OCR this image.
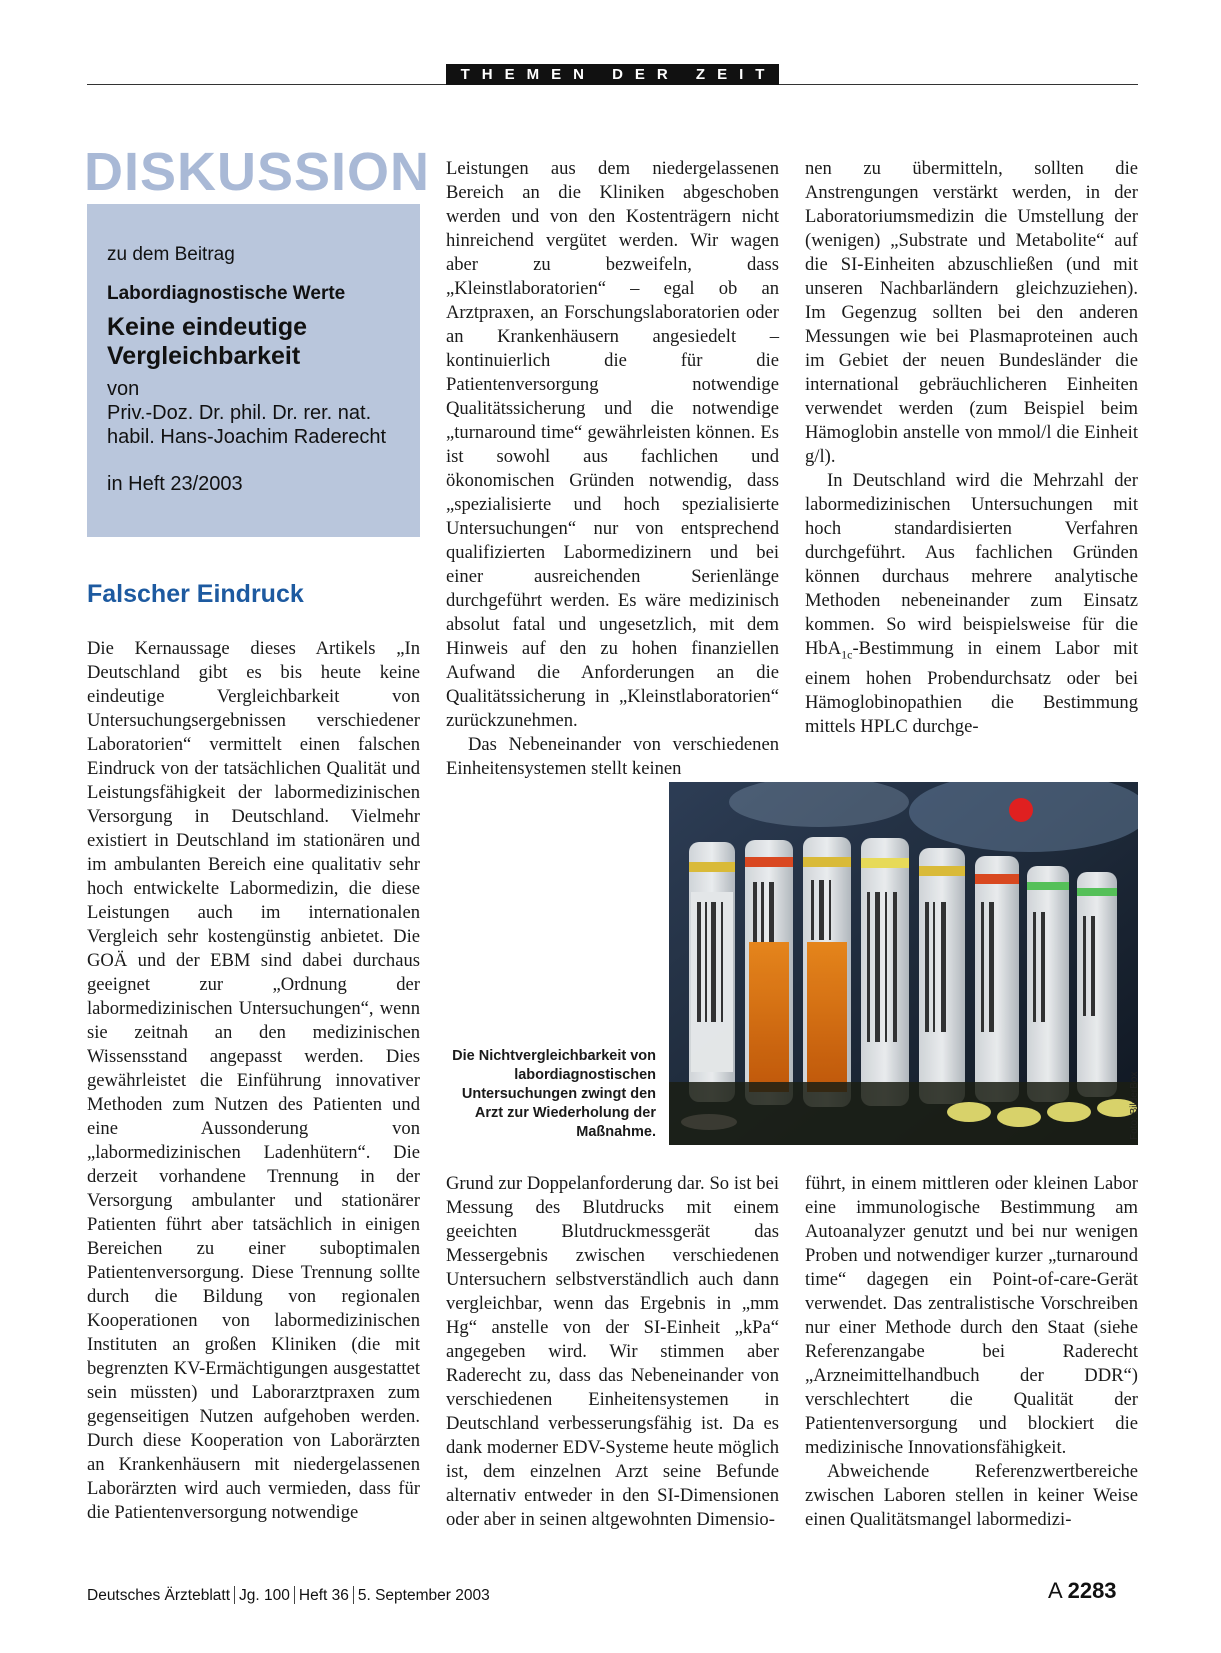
THEMEN DER ZEIT
DISKUSSION
zu dem Beitrag
Labordiagnostische Werte
Keine eindeutige Vergleichbarkeit
von
Priv.-Doz. Dr. phil. Dr. rer. nat. habil. Hans-Joachim Raderecht
in Heft 23/2003
Falscher Eindruck

Die Kernaussage dieses Artikels „In Deutschland gibt es bis heute keine eindeutige Vergleichbarkeit von Untersuchungsergebnissen verschiedener Laboratorien“ vermittelt einen falschen Eindruck von der tatsächlichen Qualität und Leistungsfähigkeit der labormedizinischen Versorgung in Deutschland. Vielmehr existiert in Deutschland im stationären und im ambulanten Bereich eine qualitativ sehr hoch entwickelte Labormedizin, die diese Leistungen auch im internationalen Vergleich sehr kostengünstig anbietet. Die GOÄ und der EBM sind dabei durchaus geeignet zur „Ordnung der labormedizinischen Untersuchungen“, wenn sie zeitnah an den medizinischen Wissensstand angepasst werden. Dies gewährleistet die Einführung innovativer Methoden zum Nutzen des Patienten und eine Aussonderung von „labormedizinischen Ladenhütern“. Die derzeit vorhandene Trennung in der Versorgung ambulanter und stationärer Patienten führt aber tatsächlich in einigen Bereichen zu einer suboptimalen Patientenversorgung. Diese Trennung sollte durch die Bildung von regionalen Kooperationen von labormedizinischen Instituten an großen Kliniken (die mit begrenzten KV-Ermächtigungen ausgestattet sein müssten) und Laborarztpraxen zum gegenseitigen Nutzen aufgehoben werden. Durch diese Kooperation von Laborärzten an Krankenhäusern mit niedergelassenen Laborärzten wird auch vermieden, dass für die Patientenversorgung notwendige

Leistungen aus dem niedergelassenen Bereich an die Kliniken abgeschoben werden und von den Kostenträgern nicht hinreichend vergütet werden. Wir wagen aber zu bezweifeln, dass „Kleinstlaboratorien“ – egal ob an Arztpraxen, an Forschungslaboratorien oder an Krankenhäusern angesiedelt – kontinuierlich die für die Patientenversorgung notwendige Qualitätssicherung und die notwendige „turnaround time“ gewährleisten können. Es ist sowohl aus fachlichen und ökonomischen Gründen notwendig, dass „spezialisierte und hoch spezialisierte Untersuchungen“ nur von entsprechend qualifizierten Labormedizinern und bei einer ausreichenden Serienlänge durchgeführt werden. Es wäre medizinisch absolut fatal und ungesetzlich, mit dem Hinweis auf den zu hohen finanziellen Aufwand die Anforderungen an die Qualitätssicherung in „Kleinstlaboratorien“ zurückzunehmen.

Das Nebeneinander von verschiedenen Einheitensystemen stellt keinen

nen zu übermitteln, sollten die Anstrengungen verstärkt werden, in der Laboratoriumsmedizin die Umstellung der (wenigen) „Substrate und Metabolite“ auf die SI-Einheiten abzuschließen (und mit unseren Nachbarländern gleichzuziehen). Im Gegenzug sollten bei den anderen Messungen wie bei Plasmaproteinen auch im Gebiet der neuen Bundesländer die international gebräuchlicheren Einheiten verwendet werden (zum Beispiel beim Hämoglobin anstelle von mmol/l die Einheit g/l).

In Deutschland wird die Mehrzahl der labormedizinischen Untersuchungen mit hoch standardisierten Verfahren durchgeführt. Aus fachlichen Gründen können durchaus mehrere analytische Methoden nebeneinander zum Einsatz kommen. So wird beispielsweise für die HbA$_{1c}$-Bestimmung in einem Labor mit einem hohen Probendurchsatz oder bei Hämoglobinopathien die Bestimmung mittels HPLC durchge-

Die Nichtvergleichbarkeit von labordiagnostischen Untersuchungen zwingt den Arzt zur Wiederholung der Maßnahme.	Foto: BilderBox

Grund zur Doppelanforderung dar. So ist bei Messung des Blutdrucks mit einem geeichten Blutdruckmessgerät das Messergebnis zwischen verschiedenen Untersuchern selbstverständlich auch dann vergleichbar, wenn das Ergebnis in „mm Hg“ anstelle von der SI-Einheit „kPa“ angegeben wird. Wir stimmen aber Raderecht zu, dass das Nebeneinander von verschiedenen Einheitensystemen in Deutschland verbesserungsfähig ist. Da es dank moderner EDV-Systeme heute möglich ist, dem einzelnen Arzt seine Befunde alternativ entweder in den SI-Dimensionen oder aber in seinen altgewohnten Dimensio-

führt, in einem mittleren oder kleinen Labor eine immunologische Bestimmung am Autoanalyzer genutzt und bei nur wenigen Proben und notwendiger kurzer „turnaround time“ dagegen ein Point-of-care-Gerät verwendet. Das zentralistische Vorschreiben nur einer Methode durch den Staat (siehe Referenzangabe bei Raderecht „Arzneimittelhandbuch der DDR“) verschlechtert die Qualität der Patientenversorgung und blockiert die medizinische Innovationsfähigkeit.

Abweichende Referenzwertbereiche zwischen Laboren stellen in keiner Weise einen Qualitätsmangel labormedizi-

Deutsches Ärzteblatt Jg. 100 Heft 36 5. September 2003	A 2283
